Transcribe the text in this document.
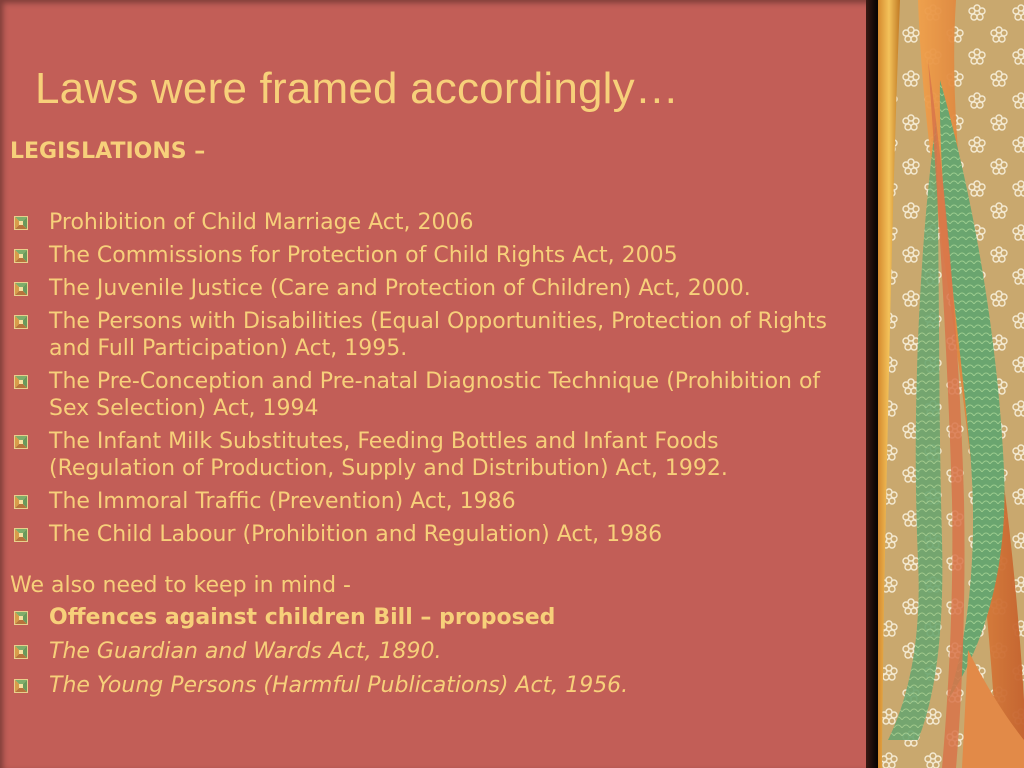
Laws were framed accordingly…

LEGISLATIONS –

Prohibition of Child Marriage Act, 2006
The Commissions for Protection of Child Rights Act, 2005
The Juvenile Justice (Care and Protection of Children) Act, 2000.
The Persons with Disabilities (Equal Opportunities, Protection of Rights and Full Participation) Act, 1995.
The Pre-Conception and Pre-natal Diagnostic Technique (Prohibition of Sex Selection) Act, 1994
The Infant Milk Substitutes, Feeding Bottles and Infant Foods (Regulation of Production, Supply and Distribution) Act, 1992.
The Immoral Traffic (Prevention) Act, 1986
The Child Labour (Prohibition and Regulation) Act, 1986

We also need to keep in mind -

Offences against children Bill – proposed
The Guardian and Wards Act, 1890.
The Young Persons (Harmful Publications) Act, 1956.
